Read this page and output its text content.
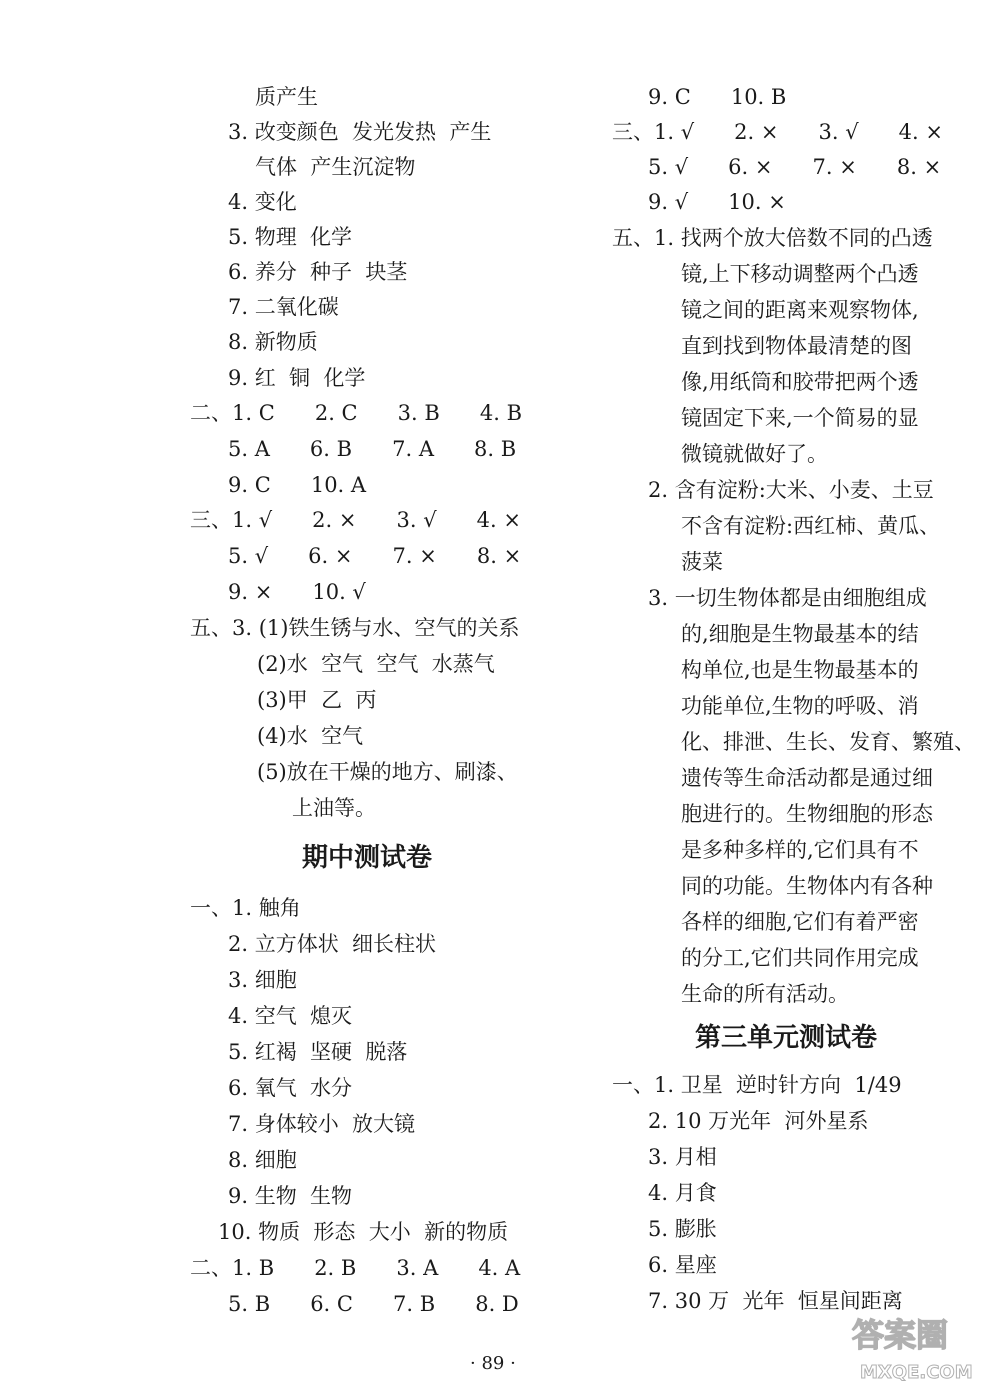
质产生
3. 改变颜色  发光发热  产生
气体  产生沉淀物
4. 变化
5. 物理  化学
6. 养分  种子  块茎
7. 二氧化碳
8. 新物质
9. 红  铜  化学
二、1. C      2. C      3. B      4. B
5. A      6. B      7. A      8. B
9. C      10. A
三、1. √      2. ×      3. √      4. ×
5. √      6. ×      7. ×      8. ×
9. ×      10. √
五、3. (1)铁生锈与水、空气的关系
(2)水  空气  空气  水蒸气
(3)甲  乙  丙
(4)水  空气
(5)放在干燥的地方、刷漆、
上油等。
期中测试卷
一、1. 触角
2. 立方体状  细长柱状
3. 细胞
4. 空气  熄灭
5. 红褐  坚硬  脱落
6. 氧气  水分
7. 身体较小  放大镜
8. 细胞
9. 生物  生物
10. 物质  形态  大小  新的物质
二、1. B      2. B      3. A      4. A
5. B      6. C      7. B      8. D
9. C      10. B
三、1. √      2. ×      3. √      4. ×
5. √      6. ×      7. ×      8. ×
9. √      10. ×
五、1. 找两个放大倍数不同的凸透
镜,上下移动调整两个凸透
镜之间的距离来观察物体,
直到找到物体最清楚的图
像,用纸筒和胶带把两个透
镜固定下来,一个简易的显
微镜就做好了。
2. 含有淀粉:大米、小麦、土豆
不含有淀粉:西红柿、黄瓜、
菠菜
3. 一切生物体都是由细胞组成
的,细胞是生物最基本的结
构单位,也是生物最基本的
功能单位,生物的呼吸、消
化、排泄、生长、发育、繁殖、
遗传等生命活动都是通过细
胞进行的。生物细胞的形态
是多种多样的,它们具有不
同的功能。生物体内有各种
各样的细胞,它们有着严密
的分工,它们共同作用完成
生命的所有活动。
第三单元测试卷
一、1. 卫星  逆时针方向  1/49
2. 10 万光年  河外星系
3. 月相
4. 月食
5. 膨胀
6. 星座
7. 30 万  光年  恒星间距离
· 89 ·
答案圈
MXQE.COM
